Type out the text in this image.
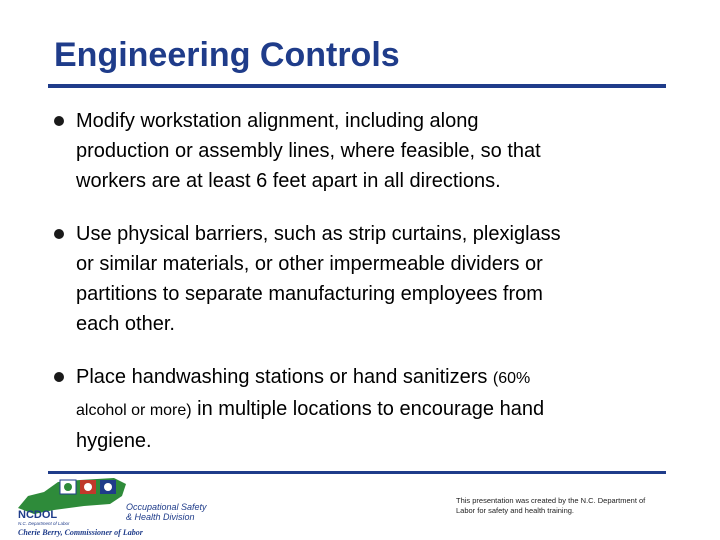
Engineering Controls
Modify workstation alignment, including along
production or assembly lines, where feasible, so that
workers are at least 6 feet apart in all directions.
Use physical barriers, such as strip curtains, plexiglass
or similar materials, or other impermeable dividers or
partitions to separate manufacturing employees from
each other.
Place handwashing stations or hand sanitizers (60%
alcohol or more) in multiple locations to encourage hand
hygiene.
NCDOL
N.C. Department of Labor
Occupational Safety
& Health Division
Cherie Berry, Commissioner of Labor
This presentation was created by the N.C. Department of
Labor for safety and health training.
